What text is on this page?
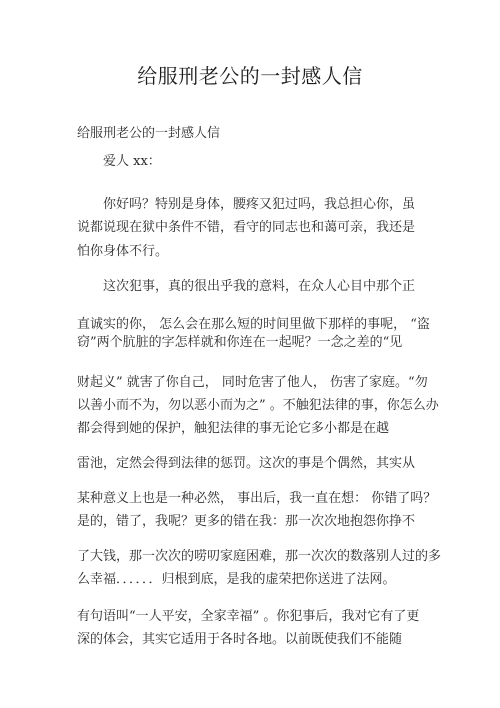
给服刑老公的一封感人信
给服刑老公的一封感人信
爱人 xx：
你好吗？特别是身体，腰疼又犯过吗，我总担心你，虽
说都说现在狱中条件不错，看守的同志也和蔼可亲，我还是
怕你身体不行。
这次犯事，真的很出乎我的意料，在众人心目中那个正
直诚实的你， 怎么会在那么短的时间里做下那样的事呢， “盗
窃”两个肮脏的字怎样就和你连在一起呢？一念之差的“见
财起义” 就害了你自己， 同时危害了他人， 伤害了家庭。“勿
以善小而不为，勿以恶小而为之” 。不触犯法律的事，你怎么办
都会得到她的保护，触犯法律的事无论它多小都是在越
雷池，定然会得到法律的惩罚。这次的事是个偶然，其实从
某种意义上也是一种必然， 事出后，我一直在想： 你错了吗？
是的，错了，我呢？更多的错在我：那一次次地抱怨你挣不
了大钱，那一次次的唠叨家庭困难，那一次次的数落别人过的多
么幸福．．．．．．归根到底，是我的虚荣把你送进了法网。
有句语叫“一人平安，全家幸福” 。你犯事后，我对它有了更
深的体会，其实它适用于各时各地。以前既使我们不能随
